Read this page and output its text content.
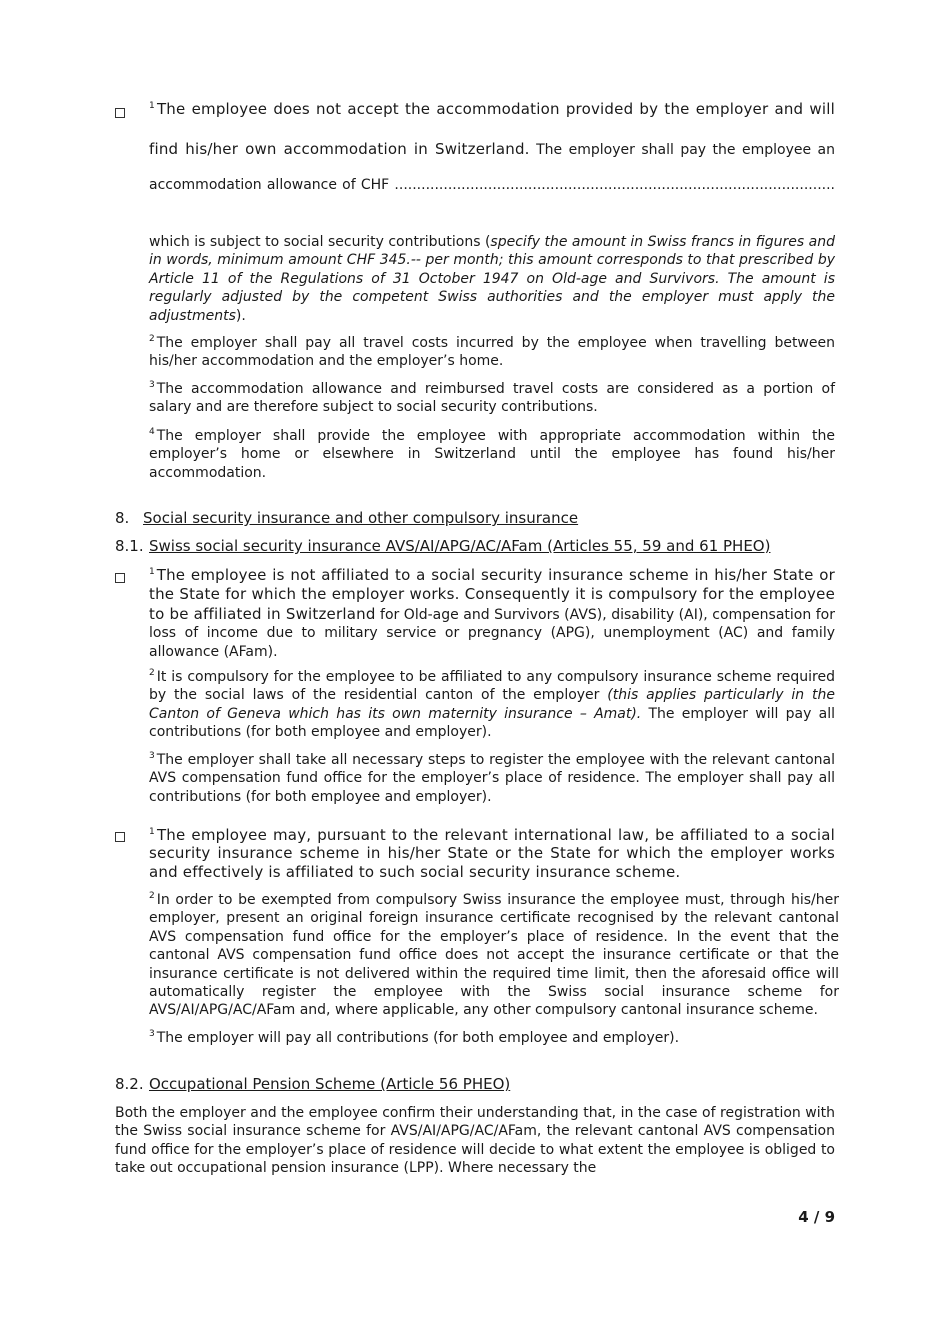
$^1$ The employee does not accept the accommodation provided by the employer and will
find his/her own accommodation in Switzerland. The employer shall pay the employee an
accommodation allowance of CHF ...................................................................................................

which is subject to social security contributions (specify the amount in Swiss francs in figures and in words, minimum amount CHF 345.-- per month; this amount corresponds to that prescribed by Article 11 of the Regulations of 31 October 1947 on Old-age and Survivors. The amount is regularly adjusted by the competent Swiss authorities and the employer must apply the adjustments).

$^2$ The employer shall pay all travel costs incurred by the employee when travelling between his/her accommodation and the employer’s home.

$^3$ The accommodation allowance and reimbursed travel costs are considered as a portion of salary and are therefore subject to social security contributions.

$^4$ The employer shall provide the employee with appropriate accommodation within the employer’s home or elsewhere in Switzerland until the employee has found his/her accommodation.

8. Social security insurance and other compulsory insurance
8.1. Swiss social security insurance AVS/AI/APG/AC/AFam (Articles 55, 59 and 61 PHEO)

$^1$ The employee is not affiliated to a social security insurance scheme in his/her State or the State for which the employer works. Consequently it is compulsory for the employee to be affiliated in Switzerland for Old-age and Survivors (AVS), disability (AI), compensation for loss of income due to military service or pregnancy (APG), unemployment (AC) and family allowance (AFam).

$^2$ It is compulsory for the employee to be affiliated to any compulsory insurance scheme required by the social laws of the residential canton of the employer (this applies particularly in the Canton of Geneva which has its own maternity insurance – Amat). The employer will pay all contributions (for both employee and employer).

$^3$ The employer shall take all necessary steps to register the employee with the relevant cantonal AVS compensation fund office for the employer’s place of residence. The employer shall pay all contributions (for both employee and employer).

$^1$ The employee may, pursuant to the relevant international law, be affiliated to a social security insurance scheme in his/her State or the State for which the employer works and effectively is affiliated to such social security insurance scheme.

$^2$ In order to be exempted from compulsory Swiss insurance the employee must, through his/her employer, present an original foreign insurance certificate recognised by the relevant cantonal AVS compensation fund office for the employer’s place of residence. In the event that the cantonal AVS compensation fund office does not accept the insurance certificate or that the insurance certificate is not delivered within the required time limit, then the aforesaid office will automatically register the employee with the Swiss social insurance scheme for AVS/AI/APG/AC/AFam and, where applicable, any other compulsory cantonal insurance scheme.

$^3$ The employer will pay all contributions (for both employee and employer).

8.2. Occupational Pension Scheme (Article 56 PHEO)

Both the employer and the employee confirm their understanding that, in the case of registration with the Swiss social insurance scheme for AVS/AI/APG/AC/AFam, the relevant cantonal AVS compensation fund office for the employer’s place of residence will decide to what extent the employee is obliged to take out occupational pension insurance (LPP). Where necessary the

4 / 9
